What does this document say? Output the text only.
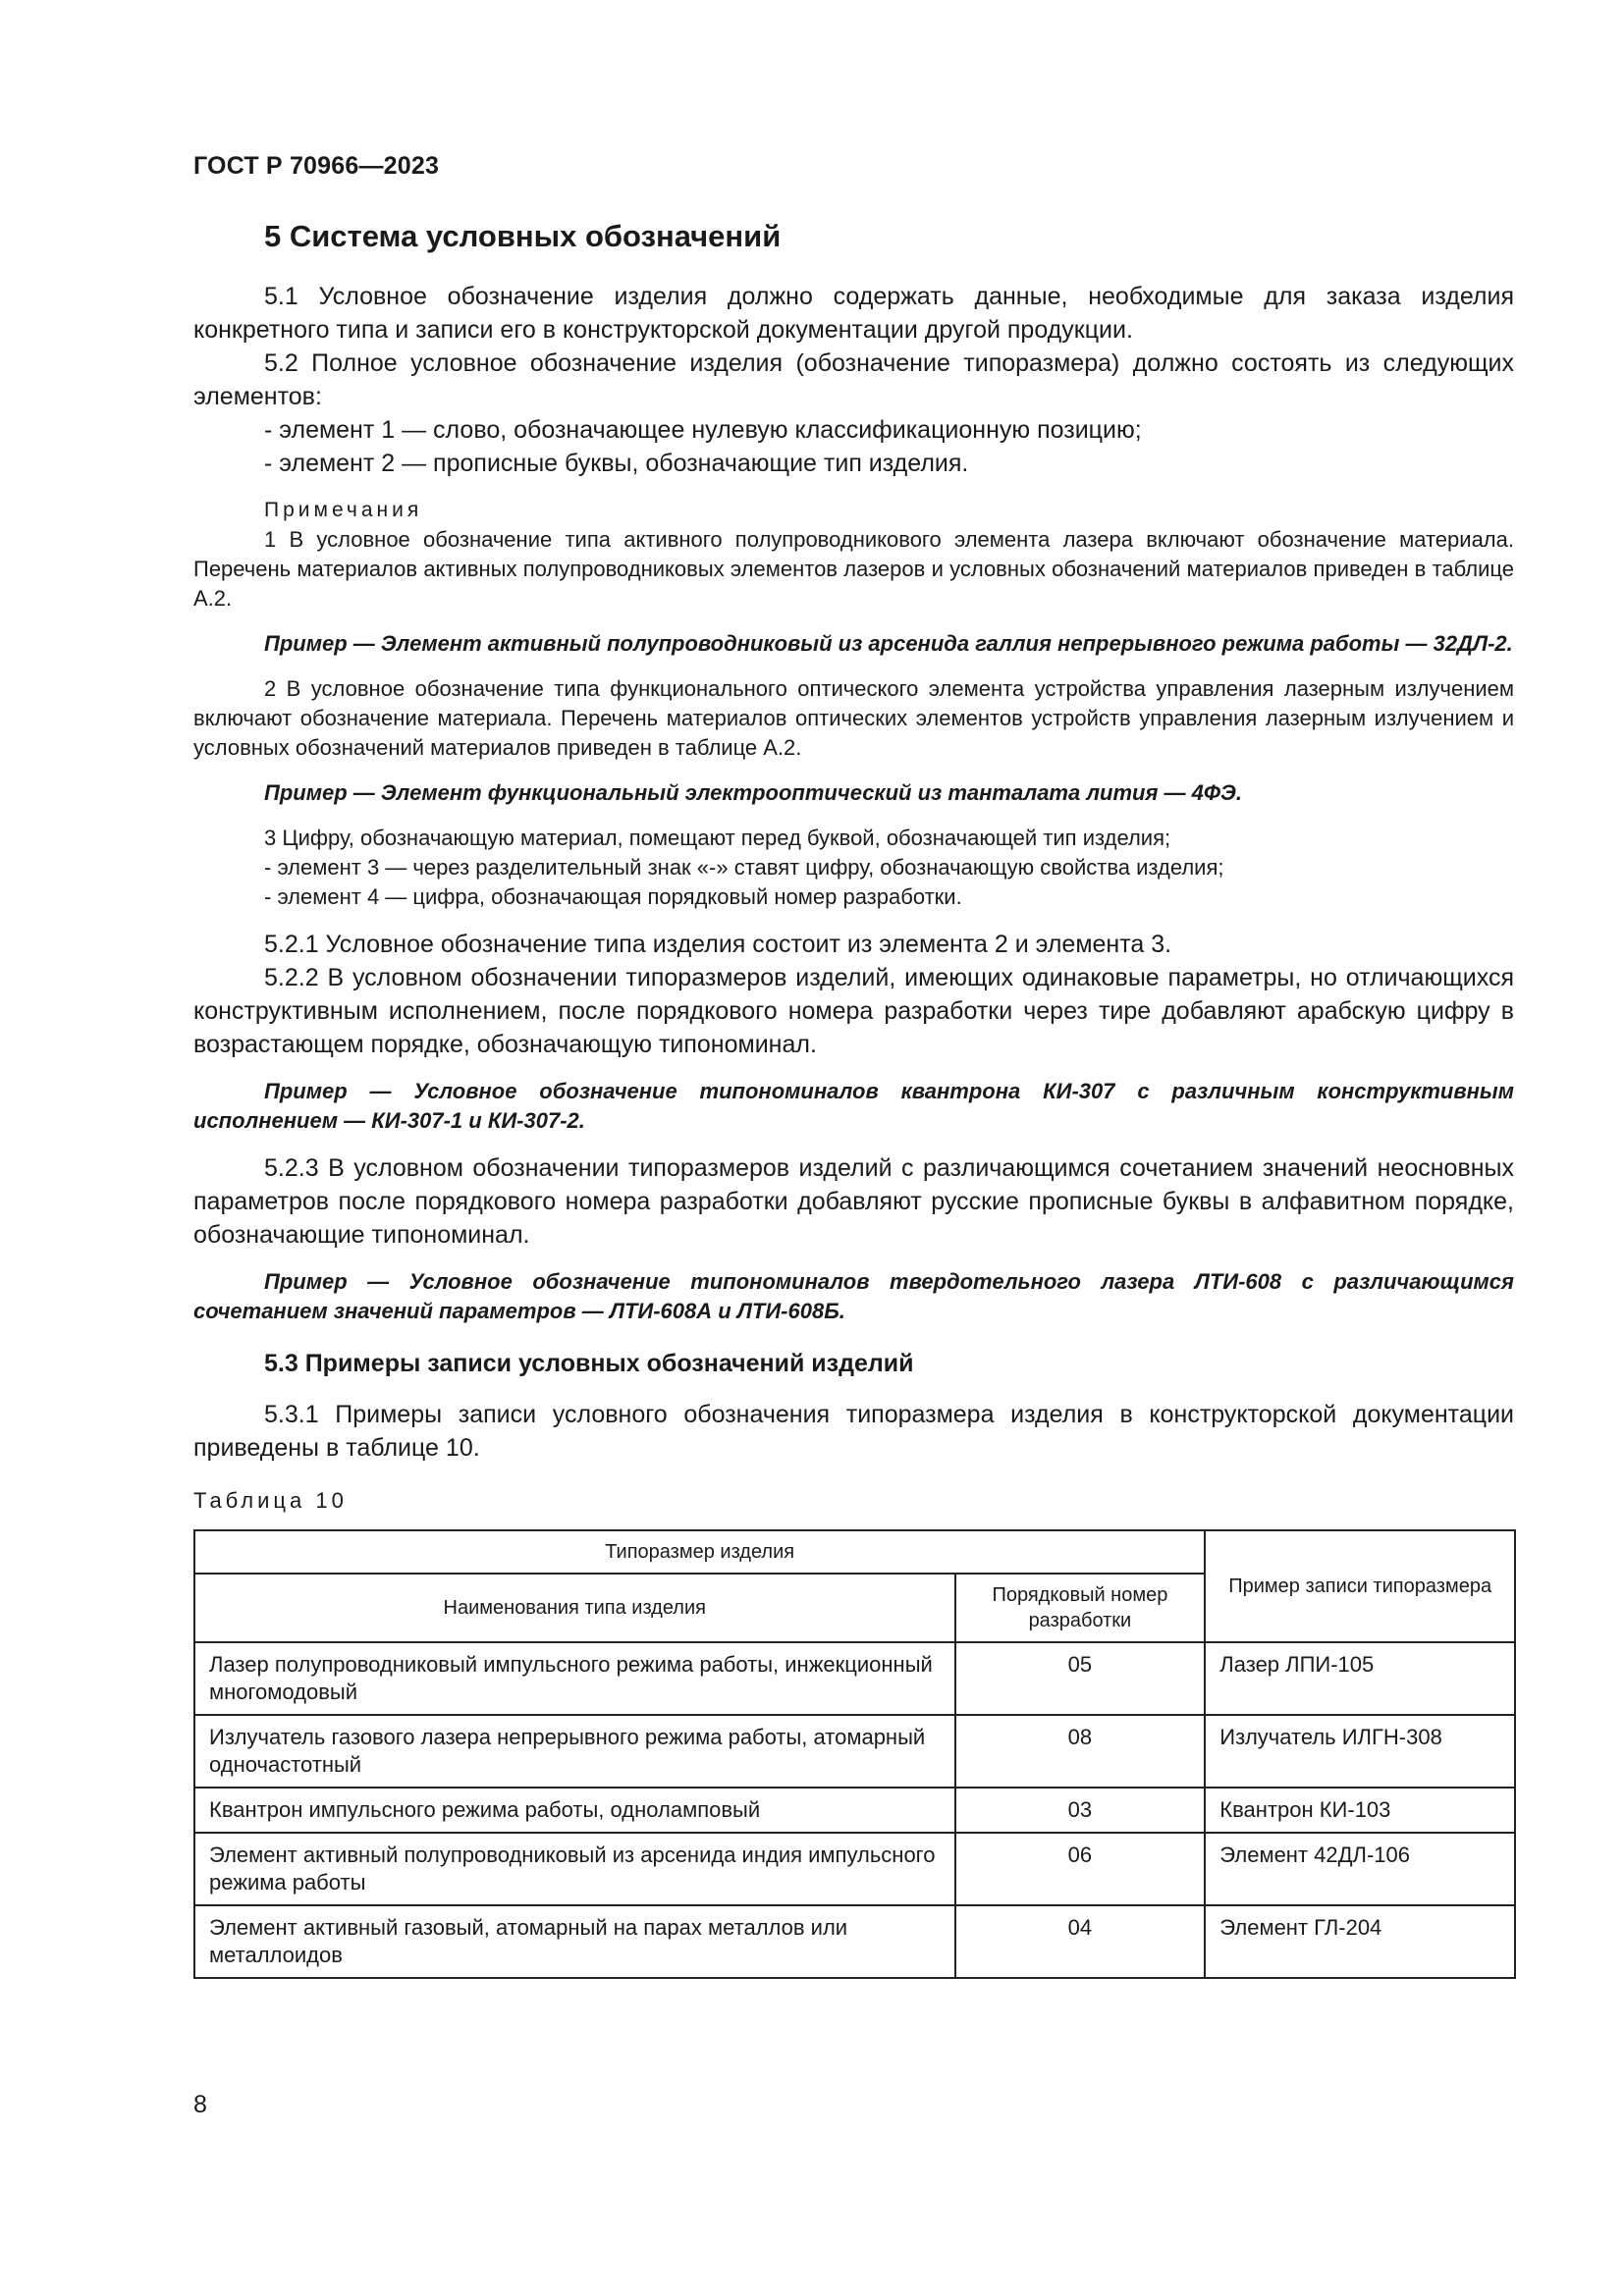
ГОСТ Р 70966—2023
5 Система условных обозначений

5.1 Условное обозначение изделия должно содержать данные, необходимые для заказа изделия конкретного типа и записи его в конструкторской документации другой продукции.

5.2 Полное условное обозначение изделия (обозначение типоразмера) должно состоять из следующих элементов:

- элемент 1 — слово, обозначающее нулевую классификационную позицию;

- элемент 2 — прописные буквы, обозначающие тип изделия.

Примечания

1 В условное обозначение типа активного полупроводникового элемента лазера включают обозначение материала. Перечень материалов активных полупроводниковых элементов лазеров и условных обозначений материалов приведен в таблице А.2.

Пример — Элемент активный полупроводниковый из арсенида галлия непрерывного режима работы — 32ДЛ-2.

2 В условное обозначение типа функционального оптического элемента устройства управления лазерным излучением включают обозначение материала. Перечень материалов оптических элементов устройств управления лазерным излучением и условных обозначений материалов приведен в таблице А.2.

Пример — Элемент функциональный электрооптический из танталата лития — 4ФЭ.

3 Цифру, обозначающую материал, помещают перед буквой, обозначающей тип изделия;

- элемент 3 — через разделительный знак «-» ставят цифру, обозначающую свойства изделия;

- элемент 4 — цифра, обозначающая порядковый номер разработки.

5.2.1 Условное обозначение типа изделия состоит из элемента 2 и элемента 3.

5.2.2 В условном обозначении типоразмеров изделий, имеющих одинаковые параметры, но отличающихся конструктивным исполнением, после порядкового номера разработки через тире добавляют арабскую цифру в возрастающем порядке, обозначающую типономинал.

Пример — Условное обозначение типономиналов квантрона КИ-307 с различным конструктивным исполнением — КИ-307-1 и КИ-307-2.

5.2.3 В условном обозначении типоразмеров изделий с различающимся сочетанием значений неосновных параметров после порядкового номера разработки добавляют русские прописные буквы в алфавитном порядке, обозначающие типономинал.

Пример — Условное обозначение типономиналов твердотельного лазера ЛТИ-608 с различающимся сочетанием значений параметров — ЛТИ-608А и ЛТИ-608Б.

5.3 Примеры записи условных обозначений изделий

5.3.1 Примеры записи условного обозначения типоразмера изделия в конструкторской документации приведены в таблице 10.

Таблица 10

Типоразмер изделия		Пример записи типоразмера
Наименования типа изделия	Порядковый номер разработки	
Лазер полупроводниковый импульсного режима работы, инжекционный многомодовый	05	Лазер ЛПИ-105
Излучатель газового лазера непрерывного режима работы, атомарный одночастотный	08	Излучатель ИЛГН-308
Квантрон импульсного режима работы, одноламповый	03	Квантрон КИ-103
Элемент активный полупроводниковый из арсенида индия импульсного режима работы	06	Элемент 42ДЛ-106
Элемент активный газовый, атомарный на парах металлов или металлоидов	04	Элемент ГЛ-204
8
